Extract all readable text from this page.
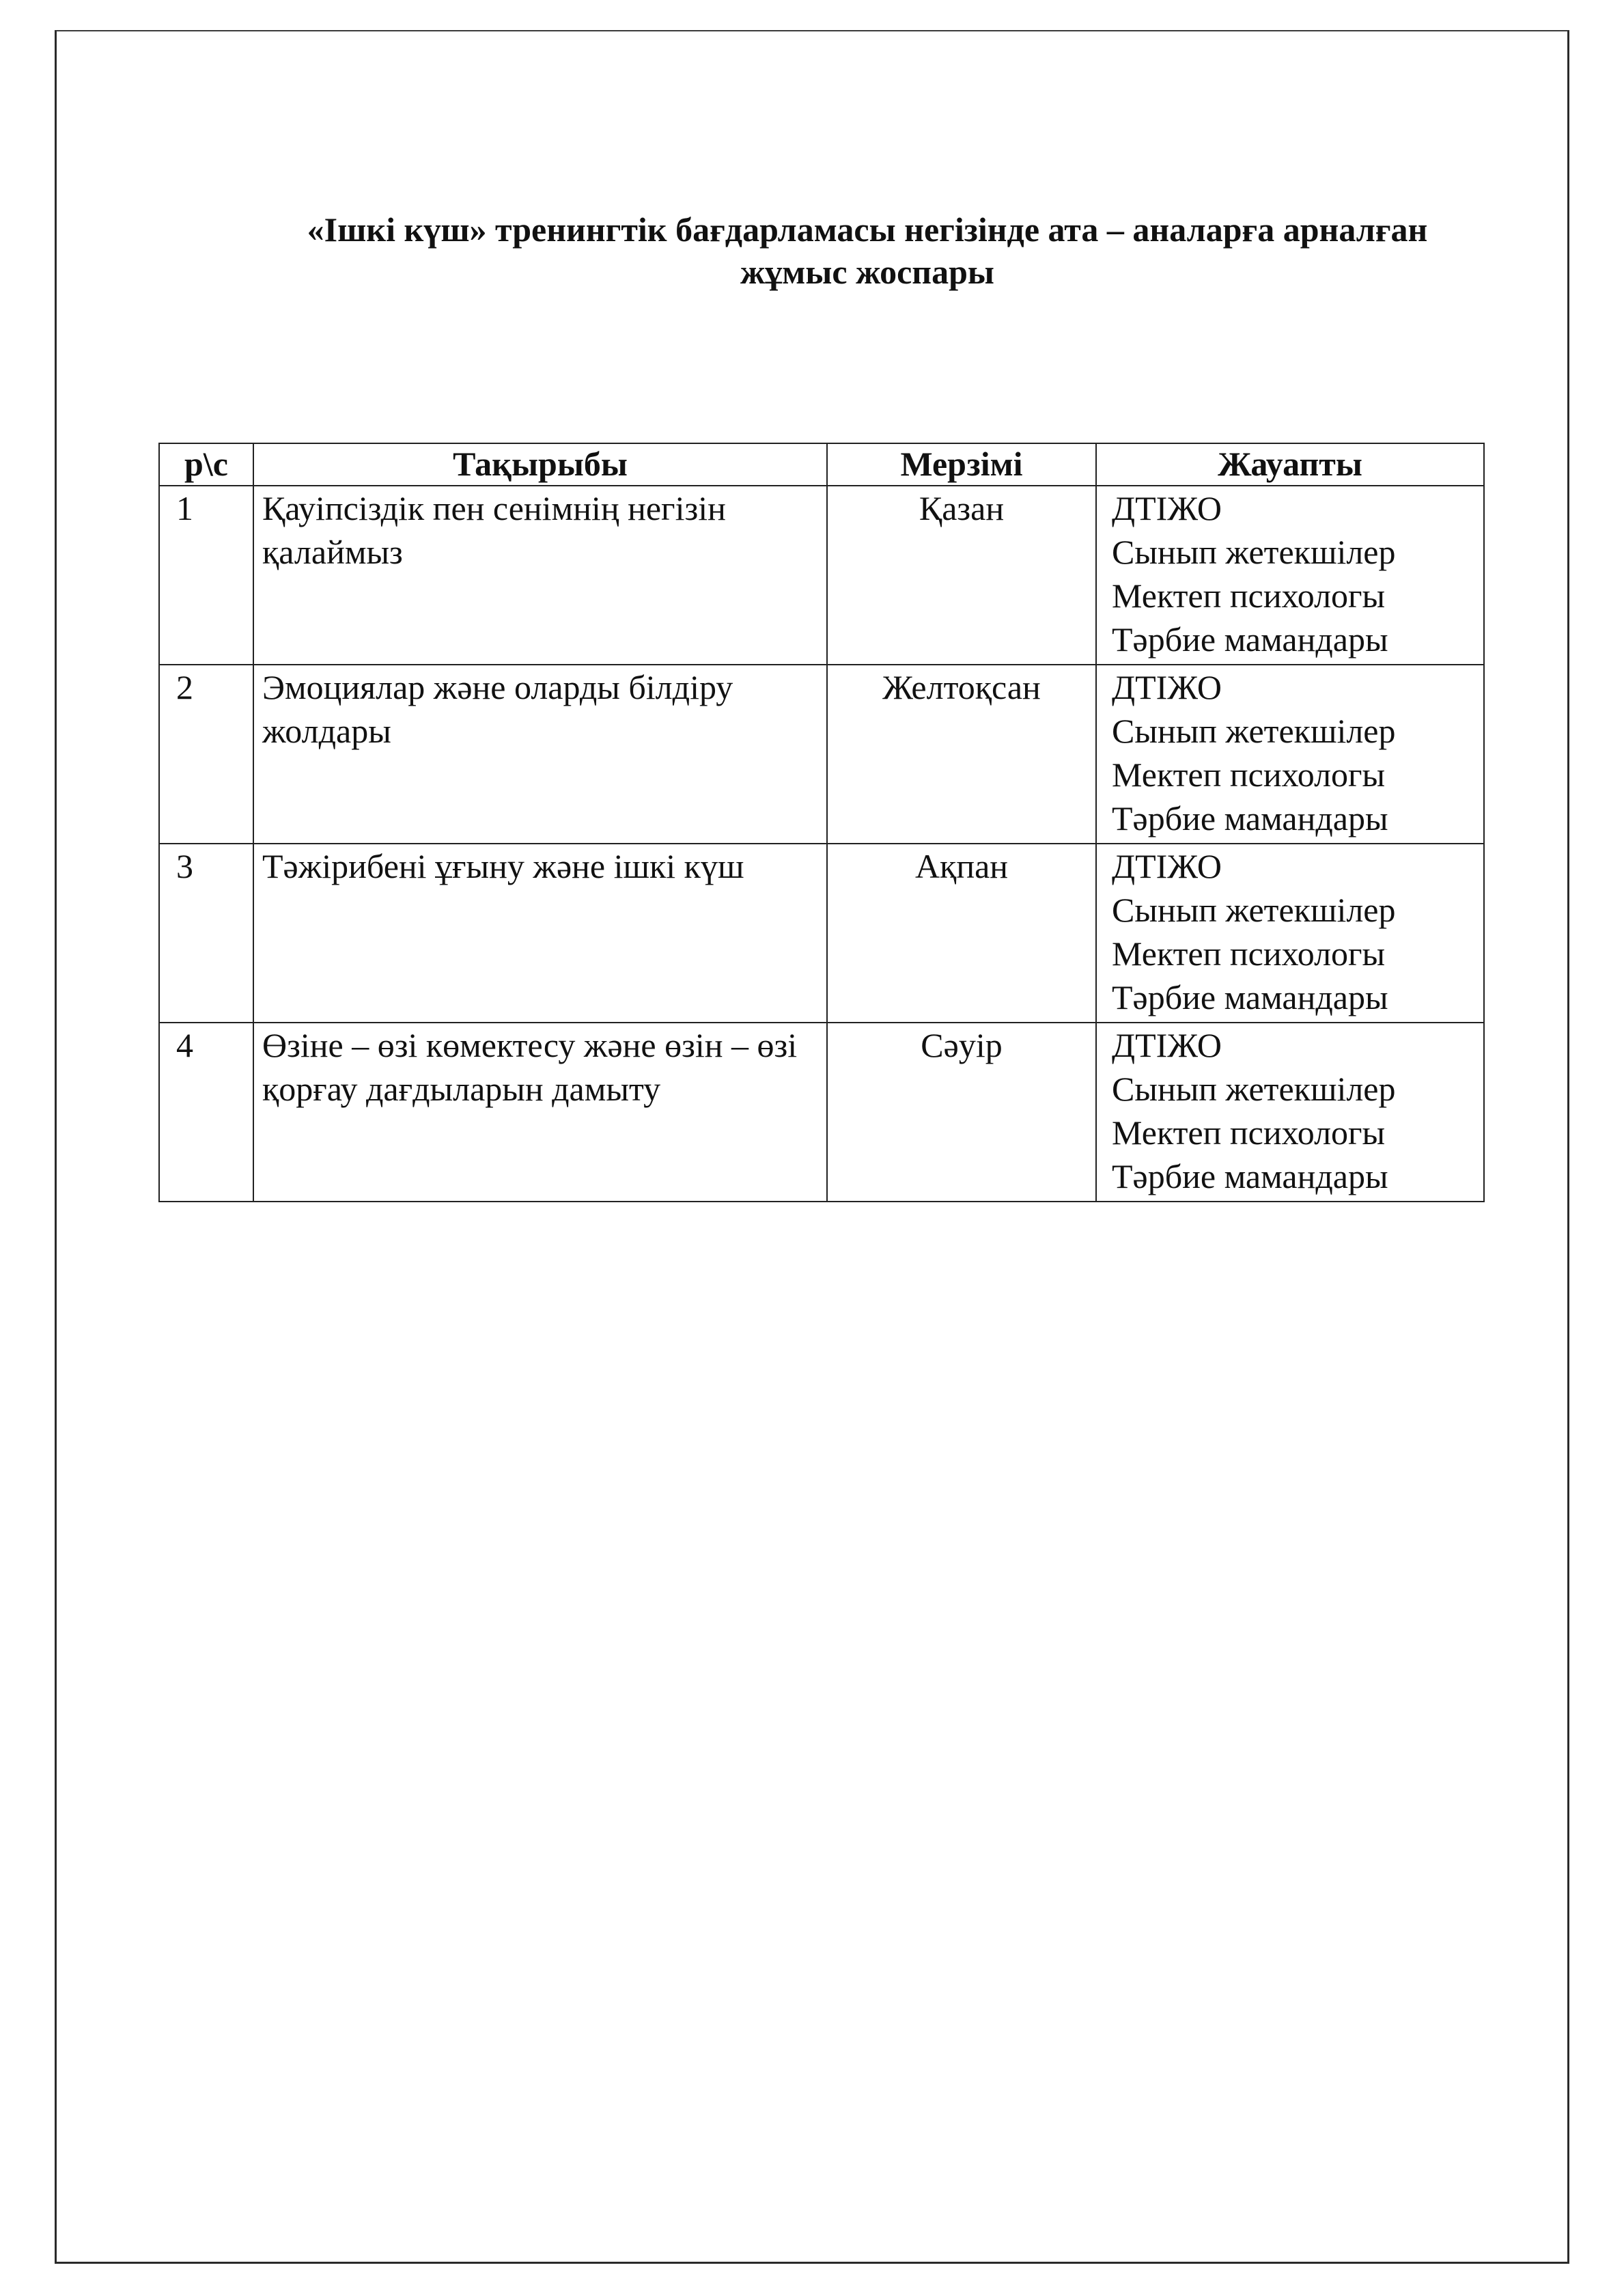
«Ішкі күш» тренингтік бағдарламасы негізінде ата – аналарға арналған
жұмыс жоспары
р\с	Тақырыбы	Мерзімі	Жауапты
1	Қауіпсіздік пен сенімнің негізін қалаймыз	Қазан	ДТІЖО
Сынып жетекшілер
Мектеп психологы
Тәрбие мамандары

2	Эмоциялар және оларды білдіру жолдары	Желтоқсан	ДТІЖО
Сынып жетекшілер
Мектеп психологы
Тәрбие мамандары

3	Тәжірибені ұғыну және ішкі күш	Ақпан	ДТІЖО
Сынып жетекшілер
Мектеп психологы
Тәрбие мамандары

4	Өзіне – өзі көмектесу және өзін – өзі қорғау дағдыларын дамыту	Сәуір	ДТІЖО
Сынып жетекшілер
Мектеп психологы
Тәрбие мамандары
